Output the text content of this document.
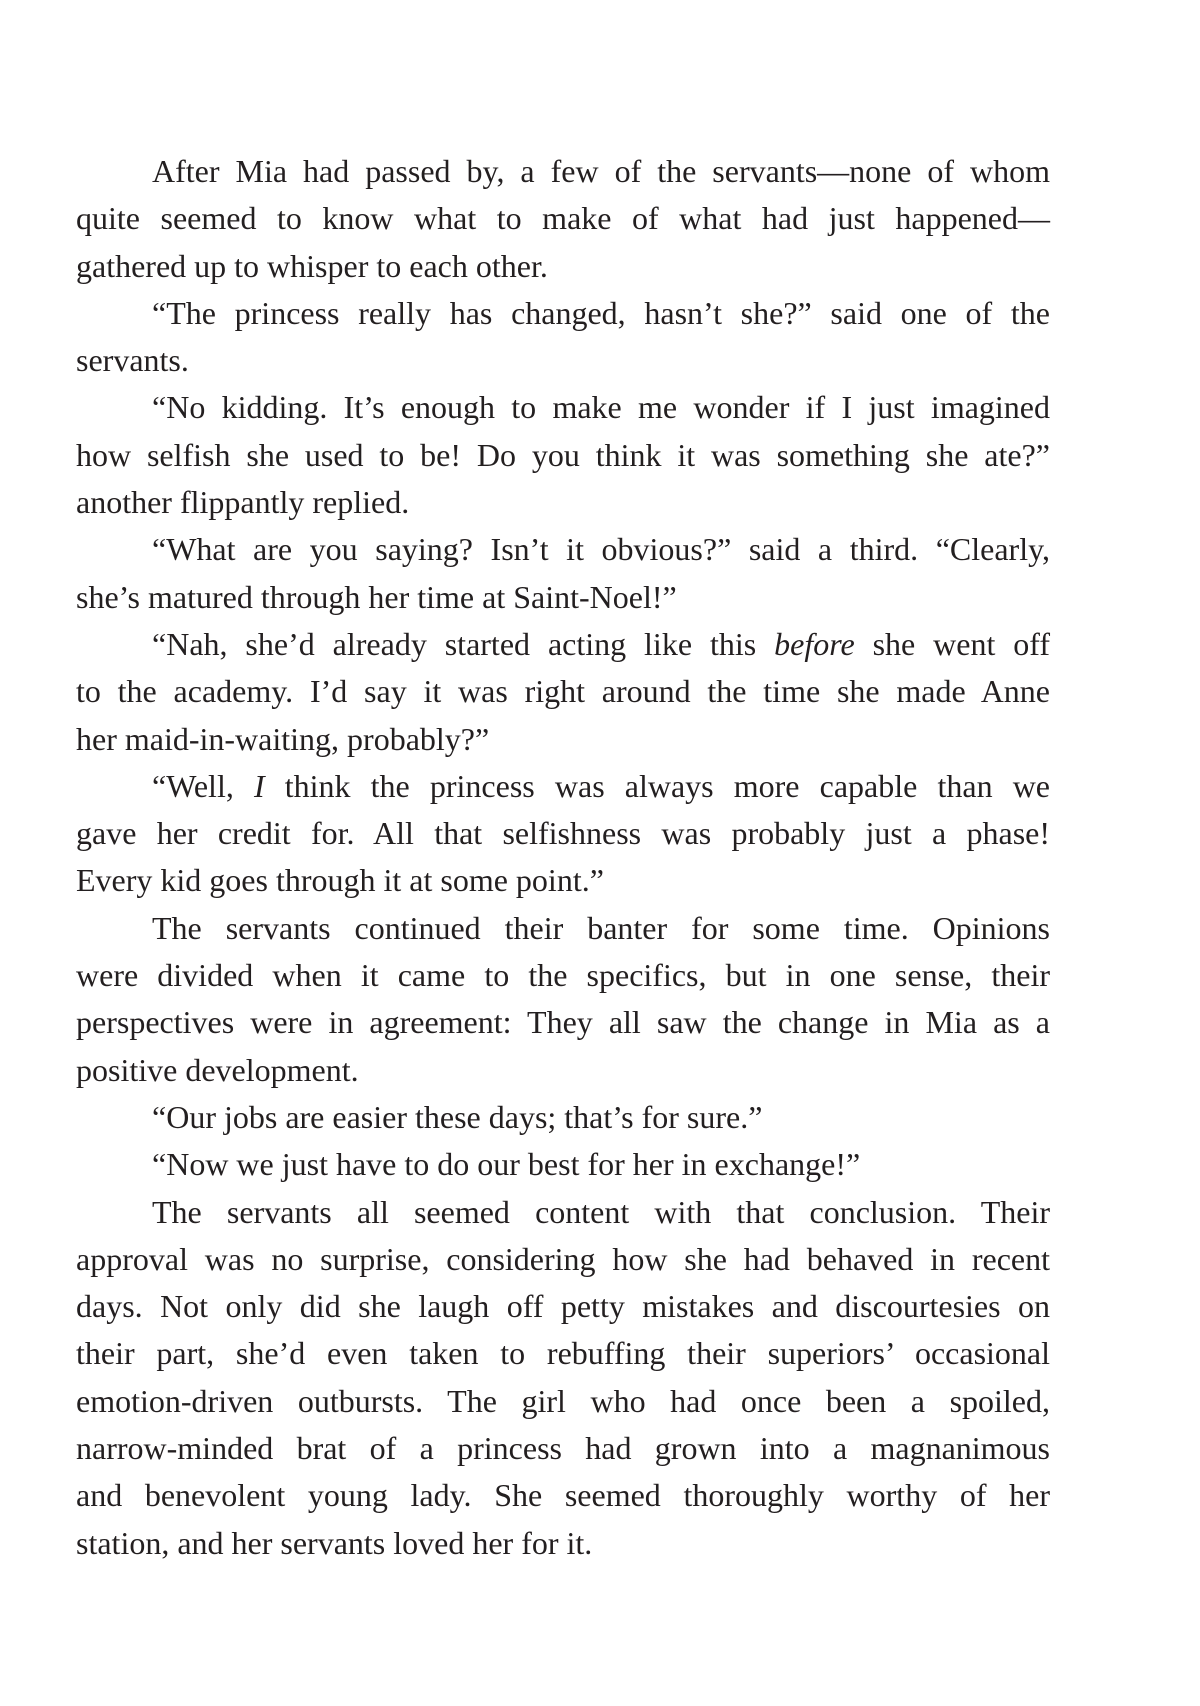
After Mia had passed by, a few of the servants—none of whom
quite seemed to know what to make of what had just happened—
gathered up to whisper to each other.
“The princess really has changed, hasn’t she?” said one of the
servants.
“No kidding. It’s enough to make me wonder if I just imagined
how selfish she used to be! Do you think it was something she ate?”
another flippantly replied.
“What are you saying? Isn’t it obvious?” said a third. “Clearly,
she’s matured through her time at Saint-Noel!”
“Nah, she’d already started acting like this before she went off
to the academy. I’d say it was right around the time she made Anne
her maid-in-waiting, probably?”
“Well, I think the princess was always more capable than we
gave her credit for. All that selfishness was probably just a phase!
Every kid goes through it at some point.”
The servants continued their banter for some time. Opinions
were divided when it came to the specifics, but in one sense, their
perspectives were in agreement: They all saw the change in Mia as a
positive development.
“Our jobs are easier these days; that’s for sure.”
“Now we just have to do our best for her in exchange!”
The servants all seemed content with that conclusion. Their
approval was no surprise, considering how she had behaved in recent
days. Not only did she laugh off petty mistakes and discourtesies on
their part, she’d even taken to rebuffing their superiors’ occasional
emotion-driven outbursts. The girl who had once been a spoiled,
narrow-minded brat of a princess had grown into a magnanimous
and benevolent young lady. She seemed thoroughly worthy of her
station, and her servants loved her for it.
